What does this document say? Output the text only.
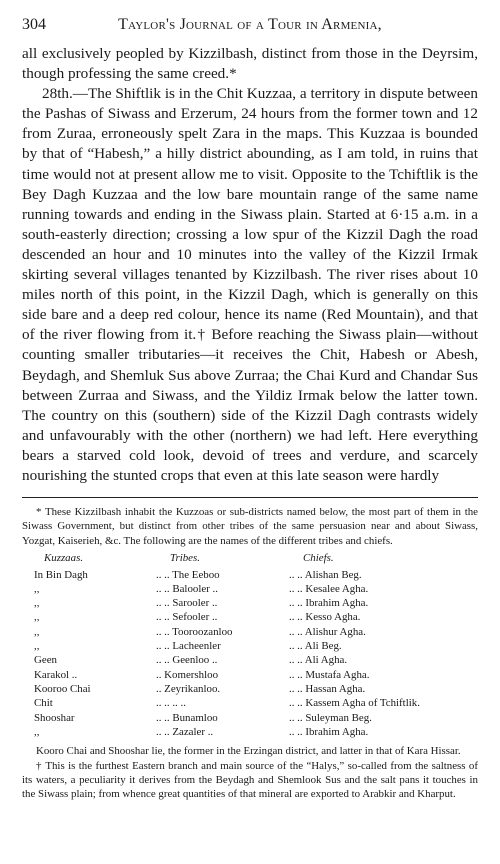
304	Taylor's Journal of a Tour in Armenia,

all exclusively peopled by Kizzilbash, distinct from those in the Deyrsim, though professing the same creed.*

28th.—The Shiftlik is in the Chit Kuzzaa, a territory in dispute between the Pashas of Siwass and Erzerum, 24 hours from the former town and 12 from Zuraa, erroneously spelt Zara in the maps. This Kuzzaa is bounded by that of “Habesh,” a hilly district abounding, as I am told, in ruins that time would not at present allow me to visit. Opposite to the Tchiftlik is the Bey Dagh Kuzzaa and the low bare mountain range of the same name running towards and ending in the Siwass plain. Started at 6·15 a.m. in a south-easterly direction; crossing a low spur of the Kizzil Dagh the road descended an hour and 10 minutes into the valley of the Kizzil Irmak skirting several villages tenanted by Kizzilbash. The river rises about 10 miles north of this point, in the Kizzil Dagh, which is generally on this side bare and a deep red colour, hence its name (Red Mountain), and that of the river flowing from it.† Before reaching the Siwass plain—without counting smaller tributaries—it receives the Chit, Habesh or Abesh, Beydagh, and Shemluk Sus above Zurraa; the Chai Kurd and Chandar Sus between Zurraa and Siwass, and the Yildiz Irmak below the latter town. The country on this (southern) side of the Kizzil Dagh contrasts widely and unfavourably with the other (northern) we had left. Here everything bears a starved cold look, devoid of trees and verdure, and scarcely nourishing the stunted crops that even at this late season were hardly

* These Kizzilbash inhabit the Kuzzoas or sub-districts named below, the most part of them in the Siwass Government, but distinct from other tribes of the same persuasion near and about Siwass, Yozgat, Kaiserieh, &c. The following are the names of the different tribes and chiefs.

Kuzzaas.	Tribes.	Chiefs.
In Bin Dagh	.. .. The Eeboo	.. .. Alishan Beg.
,,	.. .. Balooler ..	.. .. Kesalee Agha.
,,	.. .. Sarooler ..	.. .. Ibrahim Agha.
,,	.. .. Sefooler ..	.. .. Kesso Agha.
,,	.. .. Tooroozanloo	.. .. Alishur Agha.
,,	.. .. Lacheenler	.. .. Ali Beg.
Geen	.. .. Geenloo ..	.. .. Ali Agha.
Karakol ..	.. Komershloo	.. .. Mustafa Agha.
Kooroo Chai	.. Zeyrikanloo.	.. .. Hassan Agha.
Chit	.. .. .. ..	.. .. Kassem Agha of Tchiftlik.
Shooshar	.. .. Bunamloo	.. .. Suleyman Beg.
,,	.. .. Zazaler ..	.. .. Ibrahim Agha.

Kooro Chai and Shooshar lie, the former in the Erzingan district, and latter in that of Kara Hissar.

† This is the furthest Eastern branch and main source of the “Halys,” so-called from the saltness of its waters, a peculiarity it derives from the Beydagh and Shemlook Sus and the salt pans it touches in the Siwass plain; from whence great quantities of that mineral are exported to Arabkir and Kharput.
